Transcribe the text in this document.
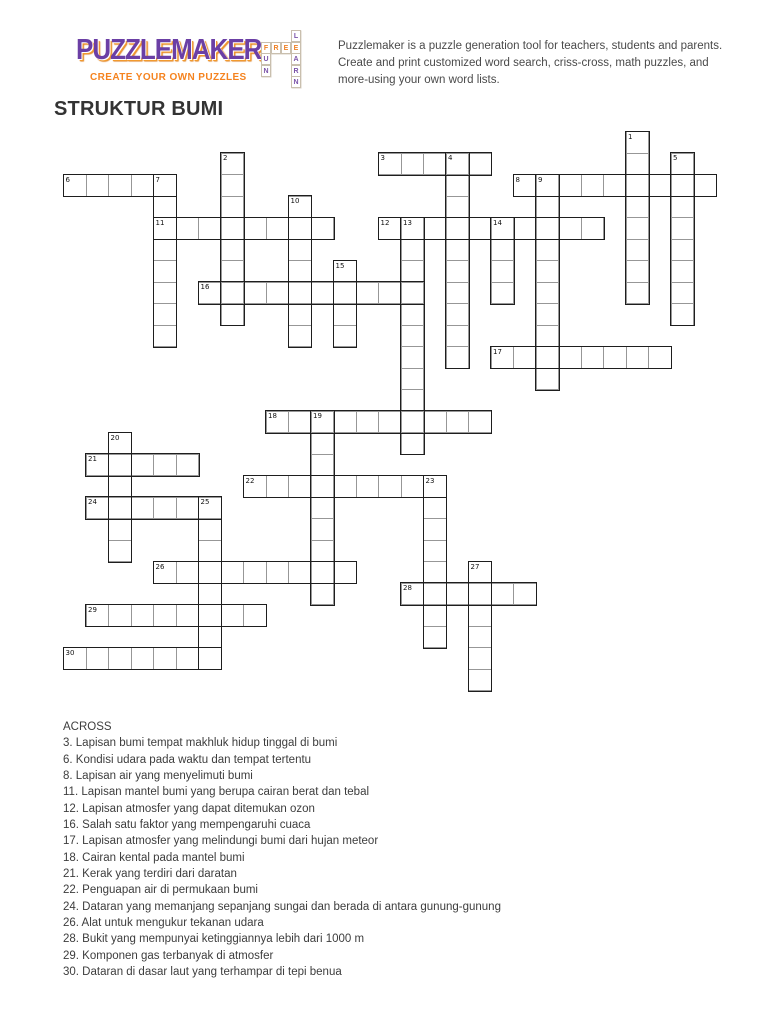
PUZZLEMAKER
CREATE YOUR OWN PUZZLES
L
F R E E
U	A
N	R
N

Puzzlemaker is a puzzle generation tool for teachers, students and parents. Create and print customized word search, criss-cross, math puzzles, and more-using your own word lists.

STRUKTUR BUMI
1
2	3	4	5
6	7	8	9
10
11	12 13	14
15
16
17
18	19
20
21
22	23
24	25
26	27
28
29
30
ACROSS
3. Lapisan bumi tempat makhluk hidup tinggal di bumi
6. Kondisi udara pada waktu dan tempat tertentu
8. Lapisan air yang menyelimuti bumi
11. Lapisan mantel bumi yang berupa cairan berat dan tebal
12. Lapisan atmosfer yang dapat ditemukan ozon
16. Salah satu faktor yang mempengaruhi cuaca
17. Lapisan atmosfer yang melindungi bumi dari hujan meteor
18. Cairan kental pada mantel bumi
21. Kerak yang terdiri dari daratan
22. Penguapan air di permukaan bumi
24. Dataran yang memanjang sepanjang sungai dan berada di antara gunung-gunung
26. Alat untuk mengukur tekanan udara
28. Bukit yang mempunyai ketinggiannya lebih dari 1000 m
29. Komponen gas terbanyak di atmosfer
30. Dataran di dasar laut yang terhampar di tepi benua
